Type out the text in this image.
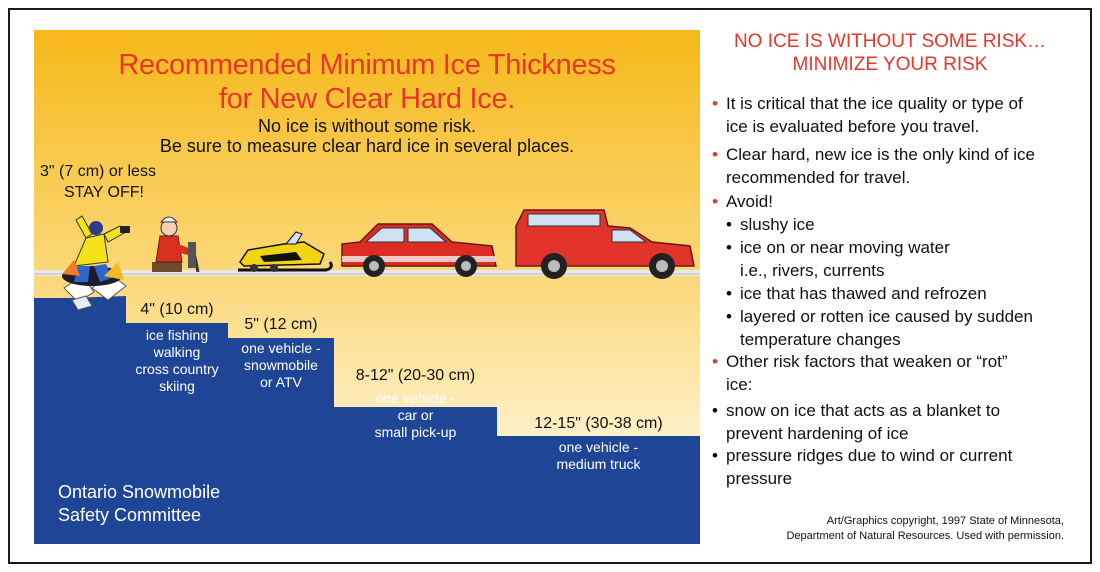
Recommended Minimum Ice Thickness
for New Clear Hard Ice.
No ice is without some risk.
Be sure to measure clear hard ice in several places.
3" (7 cm) or less
STAY OFF!
4" (10 cm)
ice fishing
walking
cross country
skiing
5" (12 cm)
one vehicle -
snowmobile
or ATV	8-12" (20-30 cm)
one vehicle -
car or
small pick-up	12-15" (30-38 cm)
one vehicle -
medium truck
Ontario Snowmobile
Safety Committee
NO ICE IS WITHOUT SOME RISK…
MINIMIZE YOUR RISK
• It is critical that the ice quality or type of
ice is evaluated before you travel.
• Clear hard, new ice is the only kind of ice
recommended for travel.
• Avoid!
• slushy ice
• ice on or near moving water
i.e., rivers, currents
• ice that has thawed and refrozen
• layered or rotten ice caused by sudden
temperature changes
• Other risk factors that weaken or “rot”
ice:
• snow on ice that acts as a blanket to
prevent hardening of ice
• pressure ridges due to wind or current
pressure
Art/Graphics copyright, 1997 State of Minnesota,
Department of Natural Resources. Used with permission.
